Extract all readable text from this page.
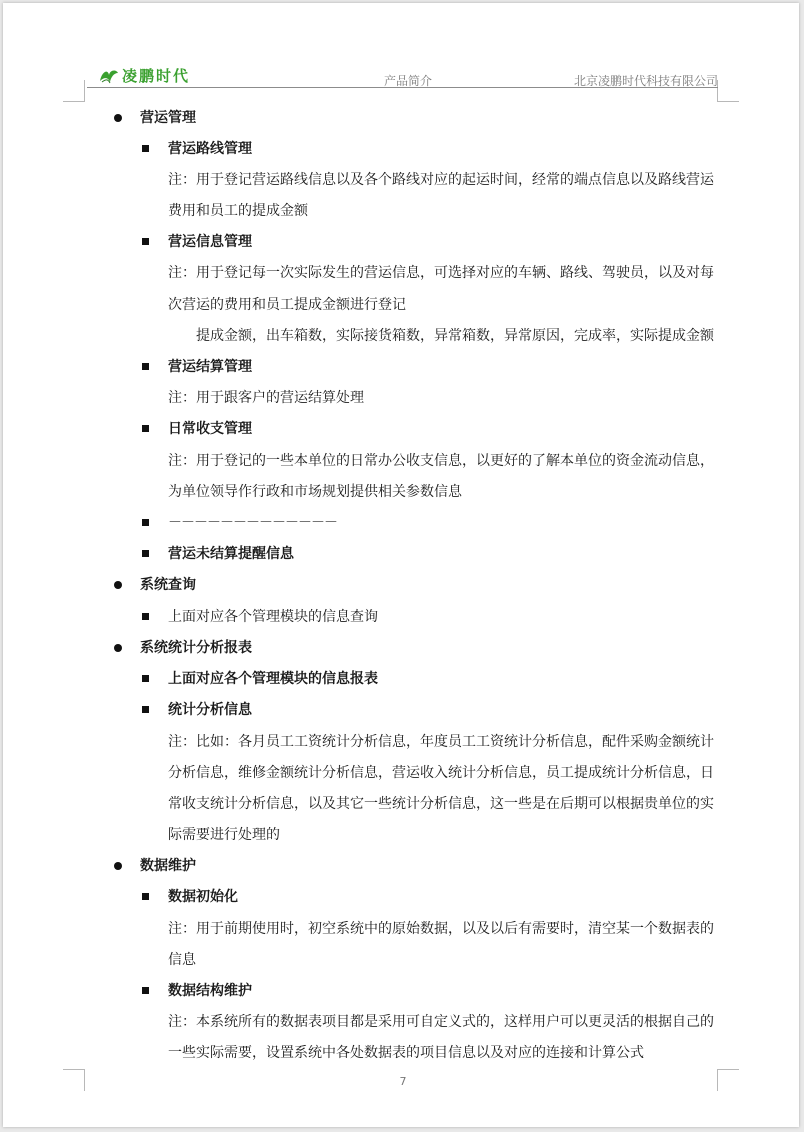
凌鹏时代	产品简介	北京凌鹏时代科技有限公司
营运管理
营运路线管理
注：用于登记营运路线信息以及各个路线对应的起运时间，经常的端点信息以及路线营运
费用和员工的提成金额
营运信息管理
注：用于登记每一次实际发生的营运信息，可选择对应的车辆、路线、驾驶员，以及对每
次营运的费用和员工提成金额进行登记
提成金额，出车箱数，实际接货箱数，异常箱数，异常原因，完成率，实际提成金额
营运结算管理
注：用于跟客户的营运结算处理
日常收支管理
注：用于登记的一些本单位的日常办公收支信息，以更好的了解本单位的资金流动信息，
为单位领导作行政和市场规划提供相关参数信息
－－－－－－－－－－－－－
营运未结算提醒信息
系统查询
上面对应各个管理模块的信息查询
系统统计分析报表
上面对应各个管理模块的信息报表
统计分析信息
注：比如：各月员工工资统计分析信息，年度员工工资统计分析信息，配件采购金额统计
分析信息，维修金额统计分析信息，营运收入统计分析信息，员工提成统计分析信息，日
常收支统计分析信息，以及其它一些统计分析信息，这一些是在后期可以根据贵单位的实
际需要进行处理的
数据维护
数据初始化
注：用于前期使用时，初空系统中的原始数据，以及以后有需要时，清空某一个数据表的
信息
数据结构维护
注：本系统所有的数据表项目都是采用可自定义式的，这样用户可以更灵活的根据自己的
一些实际需要，设置系统中各处数据表的项目信息以及对应的连接和计算公式
7
